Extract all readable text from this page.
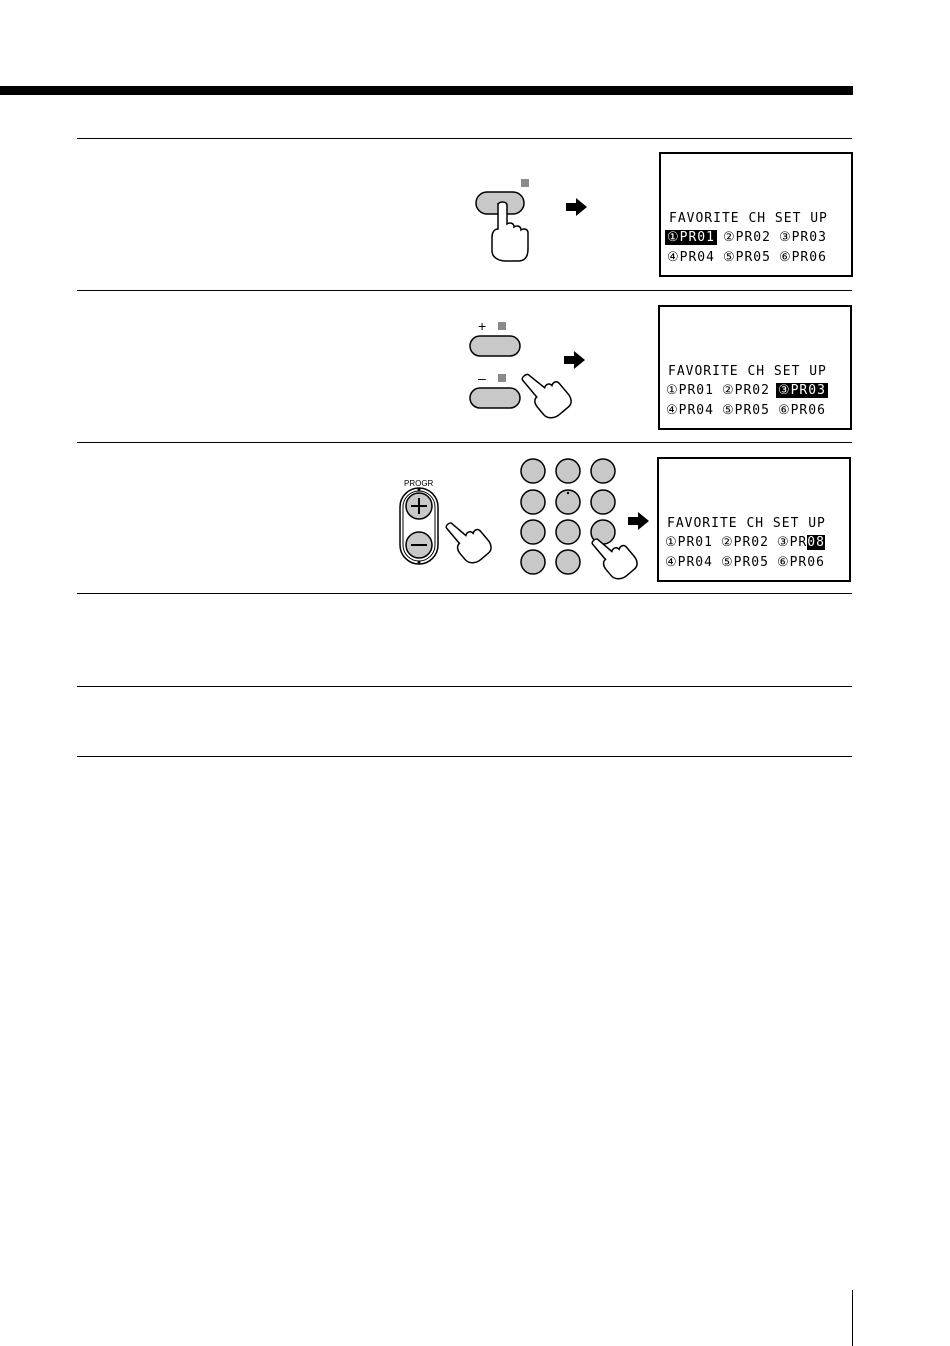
FAVORITE CH SET UP
①PR01 ②PR02 ③PR03
④PR04 ⑤PR05 ⑥PR06
+
–	FAVORITE CH SET UP
①PR01 ②PR02 ③PR03
④PR04 ⑤PR05 ⑥PR06
PROGR
FAVORITE CH SET UP
①PR01 ②PR02 ③PR08
④PR04 ⑤PR05 ⑥PR06
